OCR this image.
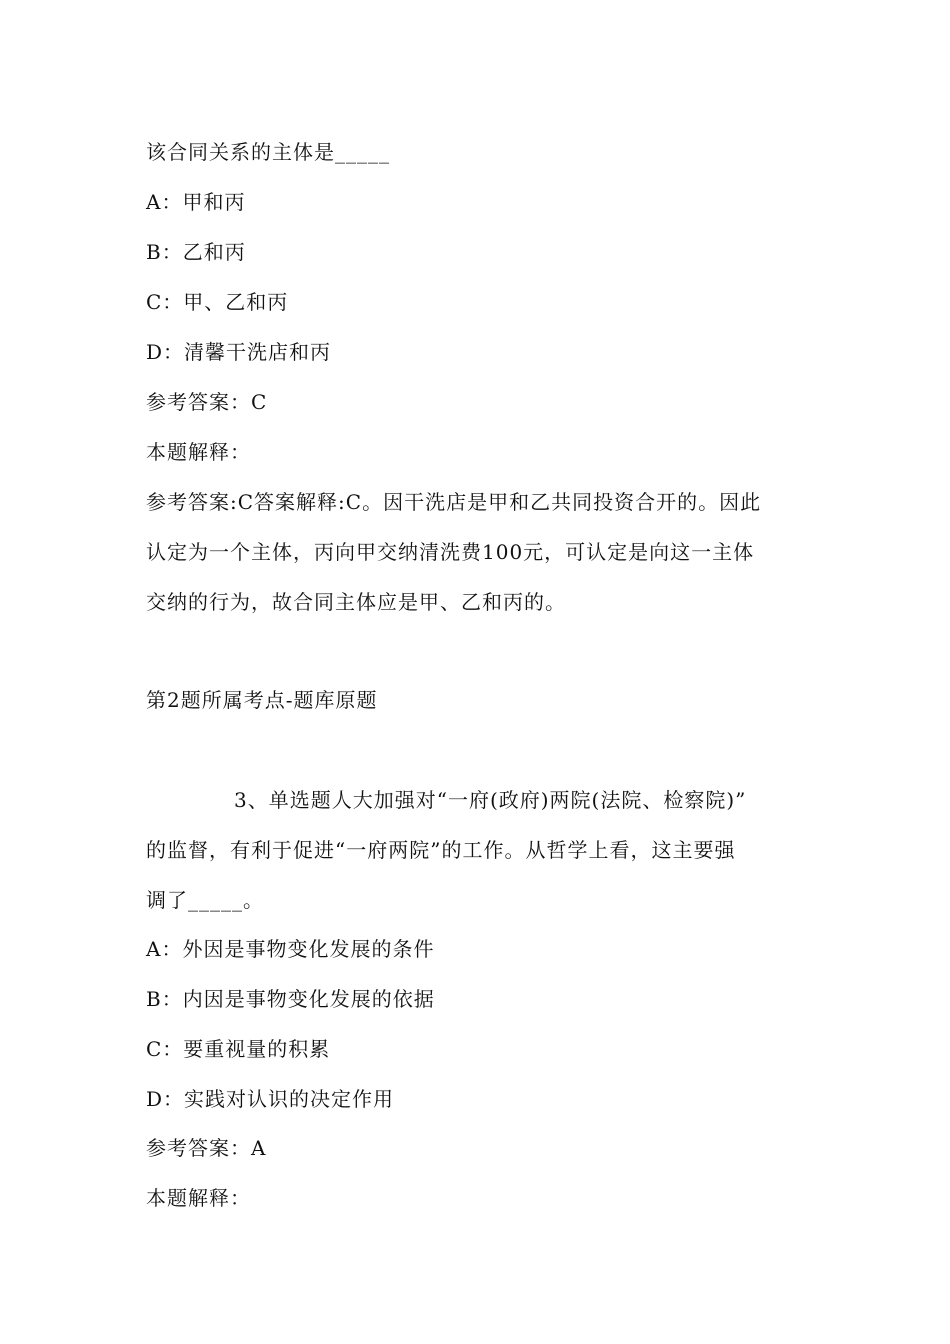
该合同关系的主体是_____
A：甲和丙
B：乙和丙
C：甲、乙和丙
D：清馨干洗店和丙
参考答案：C
本题解释：
参考答案:C答案解释:C。因干洗店是甲和乙共同投资合开的。因此
认定为一个主体，丙向甲交纳清洗费100元，可认定是向这一主体
交纳的行为，故合同主体应是甲、乙和丙的。
第2题所属考点-题库原题
3、单选题人大加强对“一府(政府)两院(法院、检察院)”
的监督，有利于促进“一府两院”的工作。从哲学上看，这主要强
调了_____。
A：外因是事物变化发展的条件
B：内因是事物变化发展的依据
C：要重视量的积累
D：实践对认识的决定作用
参考答案：A
本题解释：
